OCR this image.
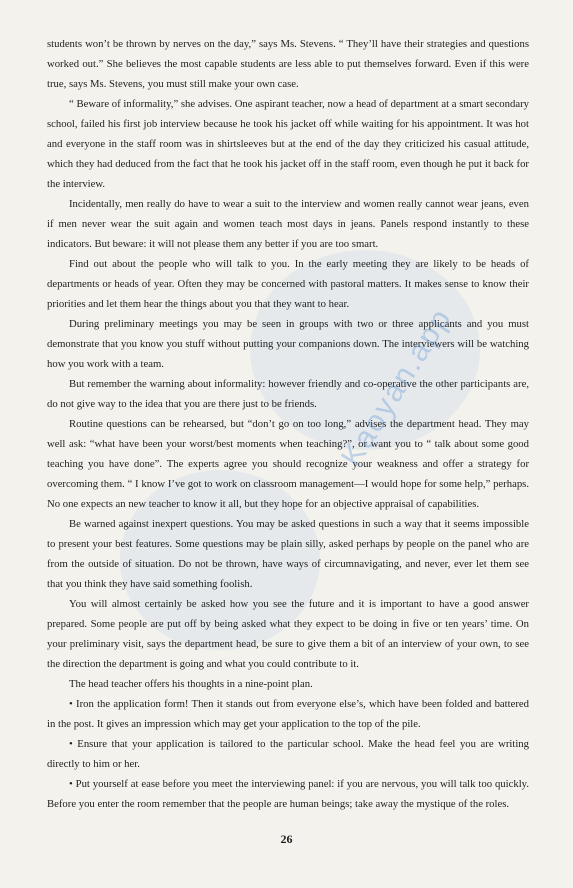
students won’t be thrown by nerves on the day,” says Ms. Stevens. “ They’ll have their strategies and questions worked out.” She believes the most capable students are less able to put themselves forward. Even if this were true, says Ms. Stevens, you must still make your own case.

“ Beware of informality,” she advises. One aspirant teacher, now a head of department at a smart secondary school, failed his first job interview because he took his jacket off while waiting for his appointment. It was hot and everyone in the staff room was in shirtsleeves but at the end of the day they criticized his casual attitude, which they had deduced from the fact that he took his jacket off in the staff room, even though he put it back for the interview.

Incidentally, men really do have to wear a suit to the interview and women really cannot wear jeans, even if men never wear the suit again and women teach most days in jeans. Panels respond instantly to these indicators. But beware: it will not please them any better if you are too smart.

Find out about the people who will talk to you. In the early meeting they are likely to be heads of departments or heads of year. Often they may be concerned with pastoral matters. It makes sense to know their priorities and let them hear the things about you that they want to hear.

During preliminary meetings you may be seen in groups with two or three applicants and you must demonstrate that you know you stuff without putting your companions down. The interviewers will be watching how you work with a team.

But remember the warning about informality: however friendly and co-operative the other participants are, do not give way to the idea that you are there just to be friends.

Routine questions can be rehearsed, but “don’t go on too long,” advises the department head. They may well ask: “what have been your worst/best moments when teaching?”, or want you to “ talk about some good teaching you have done”. The experts agree you should recognize your weakness and offer a strategy for overcoming them. “ I know I’ve got to work on classroom management—I would hope for some help,” perhaps. No one expects an new teacher to know it all, but they hope for an objective appraisal of capabilities.

Be warned against inexpert questions. You may be asked questions in such a way that it seems impossible to present your best features. Some questions may be plain silly, asked perhaps by people on the panel who are from the outside of situation. Do not be thrown, have ways of circumnavigating, and never, ever let them see that you think they have said something foolish.

You will almost certainly be asked how you see the future and it is important to have a good answer prepared. Some people are put off by being asked what they expect to be doing in five or ten years’ time. On your preliminary visit, says the department head, be sure to give them a bit of an interview of your own, to see the direction the department is going and what you could contribute to it.

The head teacher offers his thoughts in a nine-point plan.

• Iron the application form! Then it stands out from everyone else’s, which have been folded and battered in the post. It gives an impression which may get your application to the top of the pile.

• Ensure that your application is tailored to the particular school. Make the head feel you are writing directly to him or her.

• Put yourself at ease before you meet the interviewing panel: if you are nervous, you will talk too quickly. Before you enter the room remember that the people are human beings; take away the mystique of the roles.

Kaoyan.app
26
